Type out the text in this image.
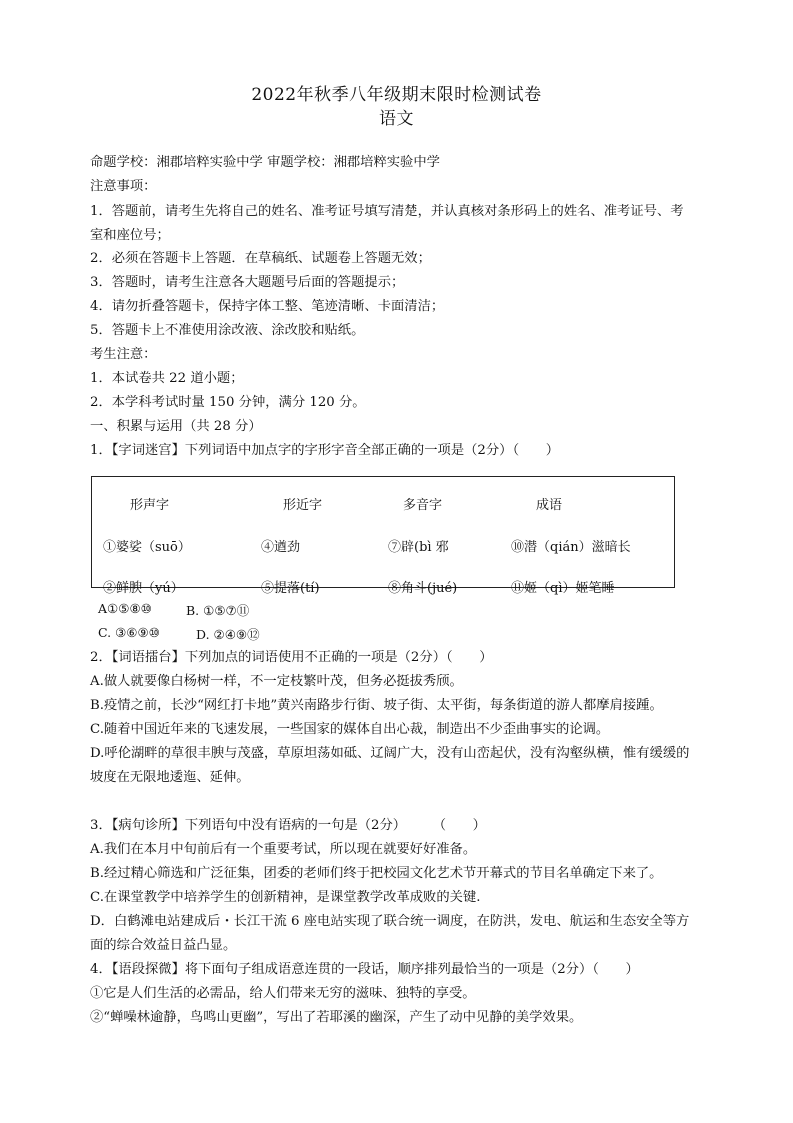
2022年秋季八年级期末限时检测试卷
语文
命题学校：湘郡培粹实验中学 审题学校：湘郡培粹实验中学
注意事项：
1．答题前，请考生先将自己的姓名、准考证号填写清楚，并认真核对条形码上的姓名、准考证号、考
室和座位号；
2．必须在答题卡上答题．在草稿纸、试题卷上答题无效；
3．答题时，请考生注意各大题题号后面的答题提示；
4．请勿折叠答题卡，保持字体工整、笔迹清晰、卡面清洁；
5．答题卡上不准使用涂改液、涂改胶和贴纸。
考生注意：
1．本试卷共 22 道小题；
2．本学科考试时量 150 分钟，满分 120 分。
一、积累与运用（共 28 分）
1．【字词迷宫】下列词语中加点字的字形字音全部正确的一项是（2分）（　　）
形声字	形近字	多音字	成语
①婆娑（suō）	④遒劲	⑦辟(bì 邪	⑩潜（qián）滋暗长
②鲜腴（yú）	⑤提落(tí)	⑧角斗(jué)	⑪姬（qì）姬笔睡
A①⑤⑧⑩	B. ①⑤⑦⑪
C. ③⑥⑨⑩	D. ②④⑨⑫
2．【词语擂台】下列加点的词语使用不正确的一项是（2分）（　　）
A.做人就要像白杨树一样，不一定枝繁叶茂，但务必挺拔秀颀。
B.疫情之前，长沙“网红打卡地”黄兴南路步行街、坡子街、太平街，每条街道的游人都摩肩接踵。
C.随着中国近年来的飞速发展，一些国家的媒体自出心裁，制造出不少歪曲事实的论调。
D.呼伦湖畔的草很丰腴与茂盛，草原坦荡如砥、辽阔广大，没有山峦起伏，没有沟壑纵横，惟有缓缓的
坡度在无限地逶迤、延伸。
3．【病句诊所】下列语句中没有语病的一句是（2分）　　　（　　）
A.我们在本月中旬前后有一个重要考试，所以现在就要好好准备。
B.经过精心筛选和广泛征集，团委的老师们终于把校园文化艺术节开幕式的节目名单确定下来了。
C.在课堂教学中培养学生的创新精神，是课堂教学改革成败的关键.
D．白鹤滩电站建成后・长江干流 6 座电站实现了联合统一调度，在防洪，发电、航运和生态安全等方
面的综合效益日益凸显。
4．【语段探微】将下面句子组成语意连贯的一段话，顺序排列最恰当的一项是（2分）（　　）
①它是人们生活的必需品，给人们带来无穷的滋味、独特的享受。
②“蝉噪林逾静，鸟鸣山更幽”，写出了若耶溪的幽深，产生了动中见静的美学效果。
